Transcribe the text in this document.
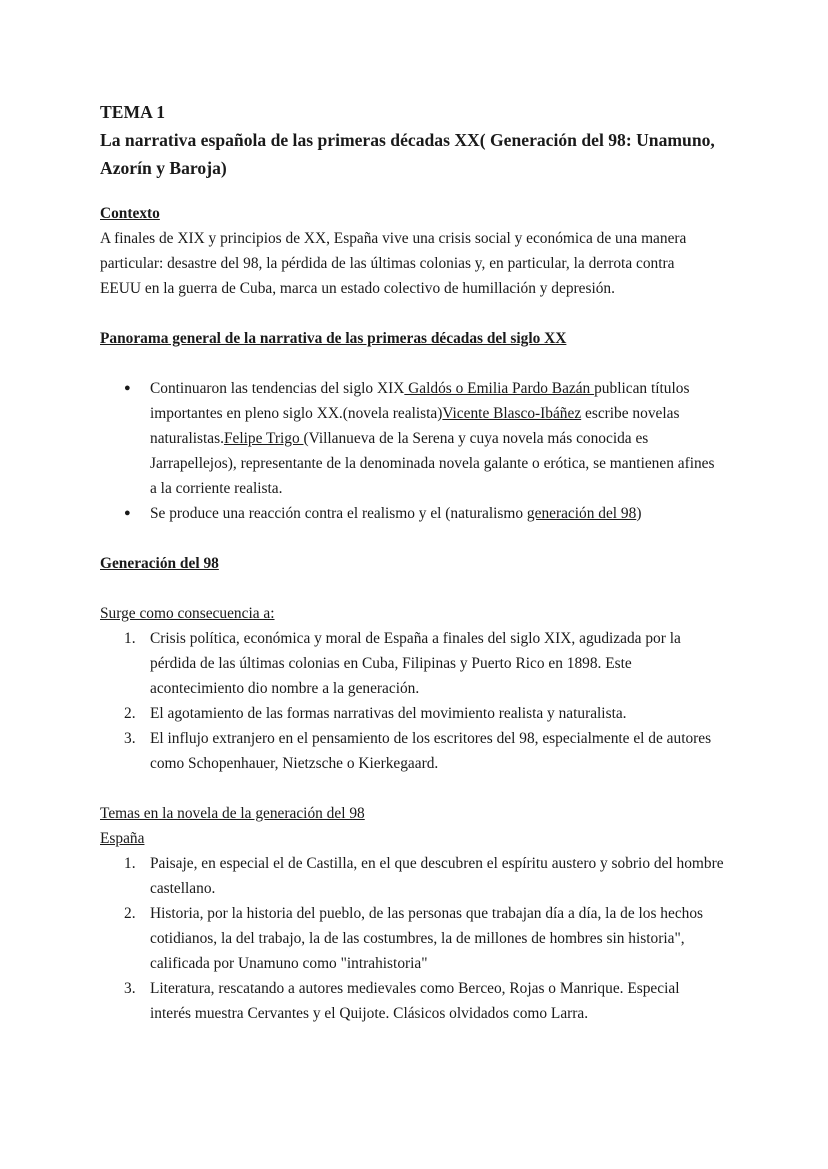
TEMA 1

La narrativa española de las primeras décadas XX( Generación del 98: Unamuno,

Azorín y Baroja)

Contexto

A finales de XIX y principios de XX, España vive una crisis social y económica de una manera

particular: desastre del 98, la pérdida de las últimas colonias y, en particular, la derrota contra

EEUU en la guerra de Cuba, marca un estado colectivo de humillación y depresión.

Panorama general de la narrativa de las primeras décadas del siglo XX

● Continuaron las tendencias del siglo XIX Galdós o Emilia Pardo Bazán publican títulos
importantes en pleno siglo XX.(novela realista)Vicente Blasco-Ibáñez escribe novelas
naturalistas.Felipe Trigo (Villanueva de la Serena y cuya novela más conocida es
Jarrapellejos), representante de la denominada novela galante o erótica, se mantienen afines
a la corriente realista.
● Se produce una reacción contra el realismo y el (naturalismo generación del 98)

Generación del 98

Surge como consecuencia a:

1. Crisis política, económica y moral de España a finales del siglo XIX, agudizada por la
pérdida de las últimas colonias en Cuba, Filipinas y Puerto Rico en 1898. Este
acontecimiento dio nombre a la generación.
2. El agotamiento de las formas narrativas del movimiento realista y naturalista.
3. El influjo extranjero en el pensamiento de los escritores del 98, especialmente el de autores
como Schopenhauer, Nietzsche o Kierkegaard.

Temas en la novela de la generación del 98

España

1. Paisaje, en especial el de Castilla, en el que descubren el espíritu austero y sobrio del hombre
castellano.
2. Historia, por la historia del pueblo, de las personas que trabajan día a día, la de los hechos
cotidianos, la del trabajo, la de las costumbres, la de millones de hombres sin historia",
calificada por Unamuno como "intrahistoria"
3. Literatura, rescatando a autores medievales como Berceo, Rojas o Manrique. Especial
interés muestra Cervantes y el Quijote. Clásicos olvidados como Larra.
